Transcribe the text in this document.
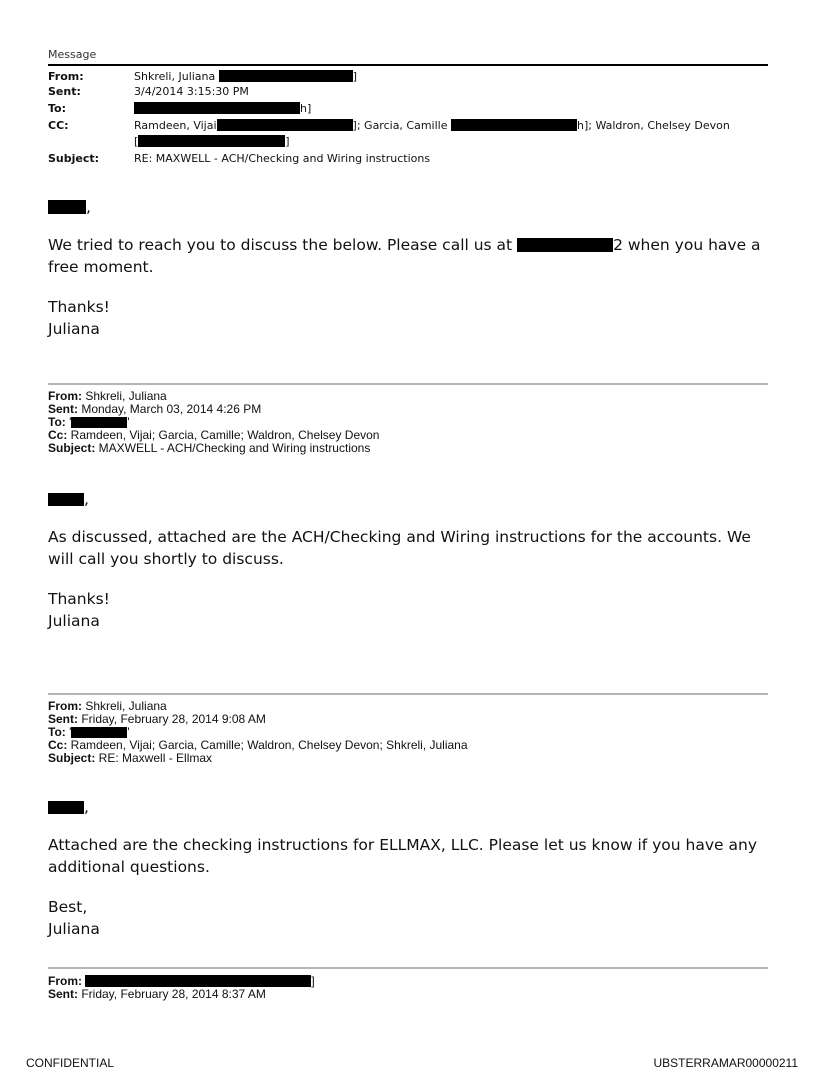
Message
From:	Shkreli, Juliana	]
Sent:	3/4/2014 3:15:30 PM
To:	h]
CC:	Ramdeen, Vijai	]; Garcia, Camille	h]; Waldron, Chelsey Devon
[	]
Subject:	RE: MAXWELL - ACH/Checking and Wiring instructions
,
We tried to reach you to discuss the below. Please call us at	2 when you have a free moment.
Thanks!
Juliana
From: Shkreli, Juliana
Sent: Monday, March 03, 2014 4:26 PM
To: '	'
Cc: Ramdeen, Vijai; Garcia, Camille; Waldron, Chelsey Devon
Subject: MAXWELL - ACH/Checking and Wiring instructions
,
As discussed, attached are the ACH/Checking and Wiring instructions for the accounts. We will call you shortly to discuss.
Thanks!
Juliana
From: Shkreli, Juliana
Sent: Friday, February 28, 2014 9:08 AM
To: '	'
Cc: Ramdeen, Vijai; Garcia, Camille; Waldron, Chelsey Devon; Shkreli, Juliana
Subject: RE: Maxwell - Ellmax
,
Attached are the checking instructions for ELLMAX, LLC. Please let us know if you have any additional questions.
Best,
Juliana
From:	]
Sent: Friday, February 28, 2014 8:37 AM
CONFIDENTIAL	UBSTERRAMAR00000211
